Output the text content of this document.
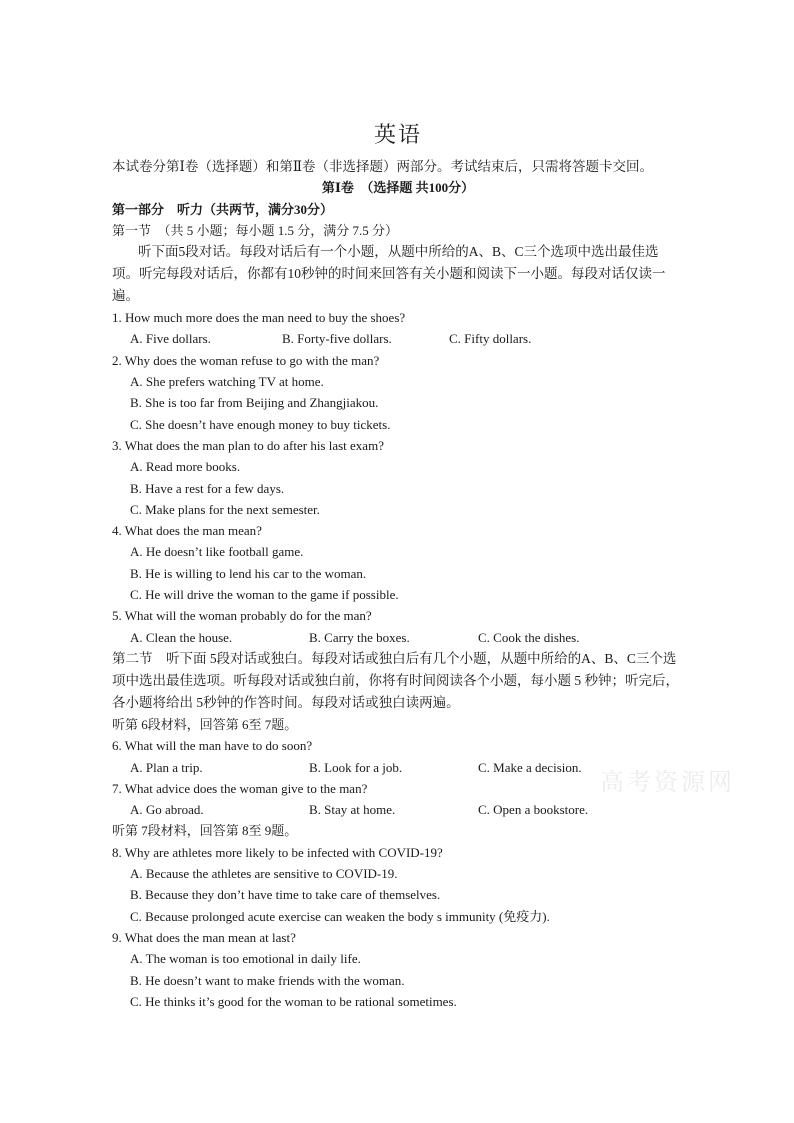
英语
本试卷分第Ⅰ卷（选择题）和第Ⅱ卷（非选择题）两部分。考试结束后，只需将答题卡交回。
第Ⅰ卷　（选择题 共100分）
第一部分　听力（共两节，满分30分）
第一节　（共 5 小题；每小题 1.5 分，满分 7.5 分）
听下面5段对话。每段对话后有一个小题，从题中所给的A、B、C三个选项中选出最佳选项。听完每段对话后，你都有10秒钟的时间来回答有关小题和阅读下一小题。每段对话仅读一遍。
1. How much more does the man need to buy the shoes?
A. Five dollars.	B. Forty-five dollars.	C. Fifty dollars.
2. Why does the woman refuse to go with the man?
A. She prefers watching TV at home.
B. She is too far from Beijing and Zhangjiakou.
C. She doesn’t have enough money to buy tickets.
3. What does the man plan to do after his last exam?
A. Read more books.
B. Have a rest for a few days.
C. Make plans for the next semester.
4. What does the man mean?
A. He doesn’t like football game.
B. He is willing to lend his car to the woman.
C. He will drive the woman to the game if possible.
5. What will the woman probably do for the man?
A. Clean the house.	B. Carry the boxes.	C. Cook the dishes.
第二节　听下面 5段对话或独白。每段对话或独白后有几个小题，从题中所给的A、B、C三个选项中选出最佳选项。听每段对话或独白前，你将有时间阅读各个小题，每小题 5 秒钟；听完后，各小题将给出 5秒钟的作答时间。每段对话或独白读两遍。
听第 6段材料，回答第 6至 7题。
6. What will the man have to do soon?
A. Plan a trip.	B. Look for a job.	C. Make a decision.
7. What advice does the woman give to the man?
A. Go abroad.	B. Stay at home.	C. Open a bookstore.
听第 7段材料，回答第 8至 9题。
8. Why are athletes more likely to be infected with COVID-19?
A. Because the athletes are sensitive to COVID-19.
B. Because they don’t have time to take care of themselves.
C. Because prolonged acute exercise can weaken the body s immunity (免疫力).
9. What does the man mean at last?
A. The woman is too emotional in daily life.
B. He doesn’t want to make friends with the woman.
C. He thinks it’s good for the woman to be rational sometimes.
高考资源网
